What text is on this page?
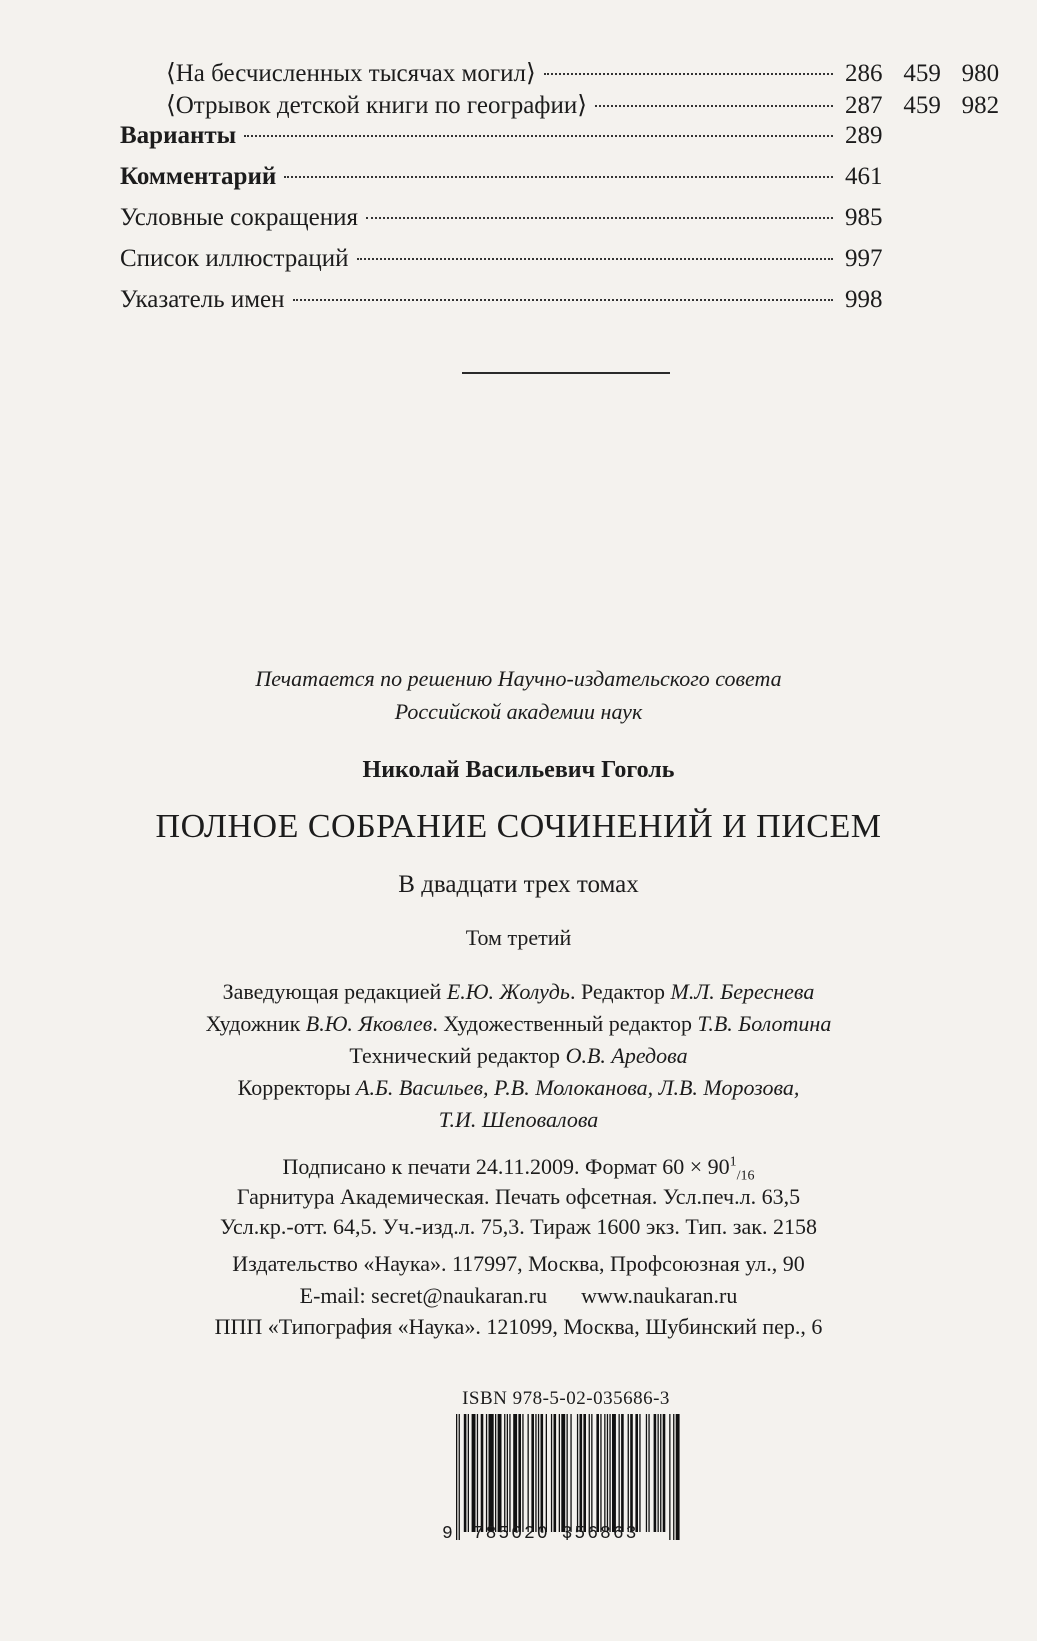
⟨На бесчисленных тысячах могил⟩	286 459 980
⟨Отрывок детской книги по географии⟩	287 459 982
Варианты	289
Комментарий	461
Условные сокращения	985
Список иллюстраций	997
Указатель имен	998
Печатается по решению Научно-издательского совета
Российской академии наук
Николай Васильевич Гоголь
ПОЛНОЕ СОБРАНИЕ СОЧИНЕНИЙ И ПИСЕМ
В двадцати трех томах
Том третий
Заведующая редакцией Е.Ю. Жолудь. Редактор М.Л. Береснева
Художник В.Ю. Яковлев. Художественный редактор Т.В. Болотина
Технический редактор О.В. Аредова
Корректоры А.Б. Васильев, Р.В. Молоканова, Л.В. Морозова,
Т.И. Шеповалова
Подписано к печати 24.11.2009. Формат $60 \times 90^1_{/16}$
Гарнитура Академическая. Печать офсетная. Усл.печ.л. 63,5
Усл.кр.-отт. 64,5. Уч.-изд.л. 75,3. Тираж 1600 экз. Тип. зак. 2158
Издательство «Наука». 117997, Москва, Профсоюзная ул., 90
E-mail: secret@naukaran.ru www.naukaran.ru
ППП «Типография «Наука». 121099, Москва, Шубинский пер., 6
ISBN 978-5-02-035686-3
9 785020 356863
